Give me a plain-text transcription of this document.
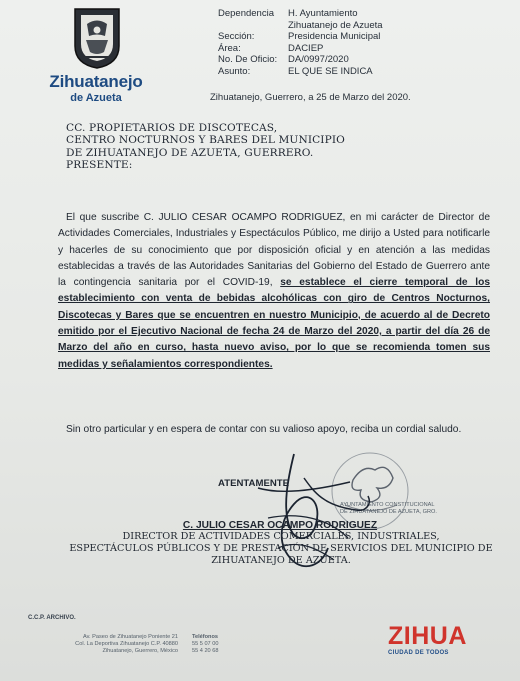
Zihuatanejo
de Azueta
Dependencia	H. Ayuntamiento
Zihuatanejo de Azueta
Sección:	Presidencia Municipal
Área:	DACIEP
No. De Oficio:	DA/0997/2020
Asunto:	EL QUE SE INDICA
Zihuatanejo, Guerrero, a 25 de Marzo del 2020.
CC. PROPIETARIOS DE DISCOTECAS,
CENTRO NOCTURNOS Y BARES DEL MUNICIPIO
DE ZIHUATANEJO DE AZUETA, GUERRERO.
PRESENTE:
El que suscribe C. JULIO CESAR OCAMPO RODRIGUEZ, en mi carácter de Director de Actividades Comerciales, Industriales y Espectáculos Público, me dirijo a Usted para notificarle y hacerles de su conocimiento que por disposición oficial y en atención a las medidas establecidas a través de las Autoridades Sanitarias del Gobierno del Estado de Guerrero ante la contingencia sanitaria por el COVID-19, se establece el cierre temporal de los establecimiento con venta de bebidas alcohólicas con giro de Centros Nocturnos, Discotecas y Bares que se encuentren en nuestro Municipio, de acuerdo al de Decreto emitido por el Ejecutivo Nacional de fecha 24 de Marzo del 2020, a partir del día 26 de Marzo del año en curso, hasta nuevo aviso, por lo que se recomienda tomen sus medidas y señalamientos correspondientes.
Sin otro particular y en espera de contar con su valioso apoyo, reciba un cordial saludo.
AYUNTAMIENTO CONSTITUCIONAL DE ZIHUATANEJO DE AZUETA, GRO.
ATENTAMENTE
C. JULIO CESAR OCAMPO RODRIGUEZ
DIRECTOR DE ACTIVIDADES COMERCIALES, INDUSTRIALES,
ESPECTÁCULOS PÚBLICOS Y DE PRESTACIÓN DE SERVICIOS DEL MUNICIPIO DE
ZIHUATANEJO DE AZUETA.
C.C.P. ARCHIVO.
Av. Paseo de Zihuatanejo Poniente 21
Col. La Deportiva Zihuatanejo C.P. 40880
Zihuatanejo, Guerrero, México
Teléfonos
55 5 07 00
55 4 20 68
ZIHUA
CIUDAD DE TODOS
